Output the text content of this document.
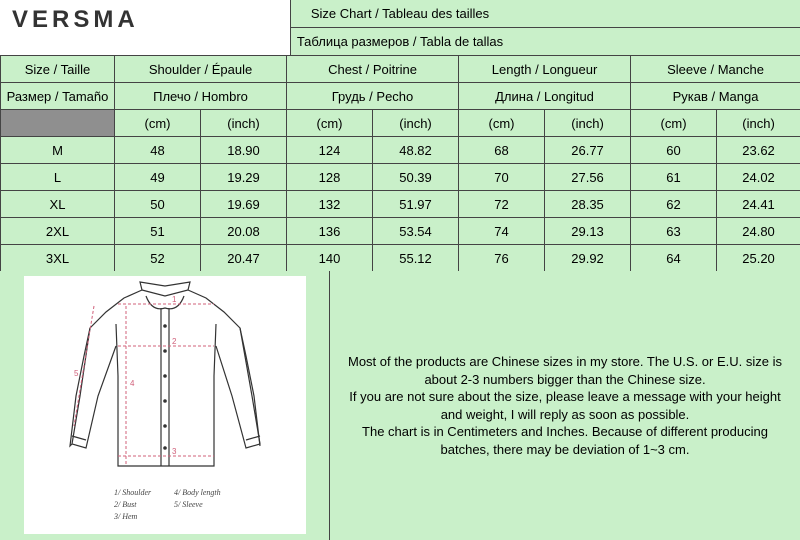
VERSMA	Size Chart / Tableau des tailles
Таблица размеров / Tabla de tallas
Size / Taille	Shoulder / Épaule		Chest / Poitrine		Length / Longueur		Sleeve / Manche	
Размер / Tamaño	Плечо / Hombro		Грудь / Pecho		Длина / Longitud		Рукав / Manga	
	(cm)	(inch)	(cm)	(inch)	(cm)	(inch)	(cm)	(inch)
M	48	18.90	124	48.82	68	26.77	60	23.62
L	49	19.29	128	50.39	70	27.56	61	24.02
XL	50	19.69	132	51.97	72	28.35	62	24.41
2XL	51	20.08	136	53.54	74	29.13	63	24.80
3XL	52	20.47	140	55.12	76	29.92	64	25.20
1
2
3
4
5
1/ Shoulder
2/ Bust
3/ Hem
4/ Body length
5/ Sleeve
Most of the products are Chinese sizes in my store. The U.S. or E.U. size is
about 2-3 numbers bigger than the Chinese size.
If you are not sure about the size, please leave a message with your height
and weight, I will reply as soon as possible.
The chart is in Centimeters and Inches. Because of different producing
batches, there may be deviation of 1~3 cm.
